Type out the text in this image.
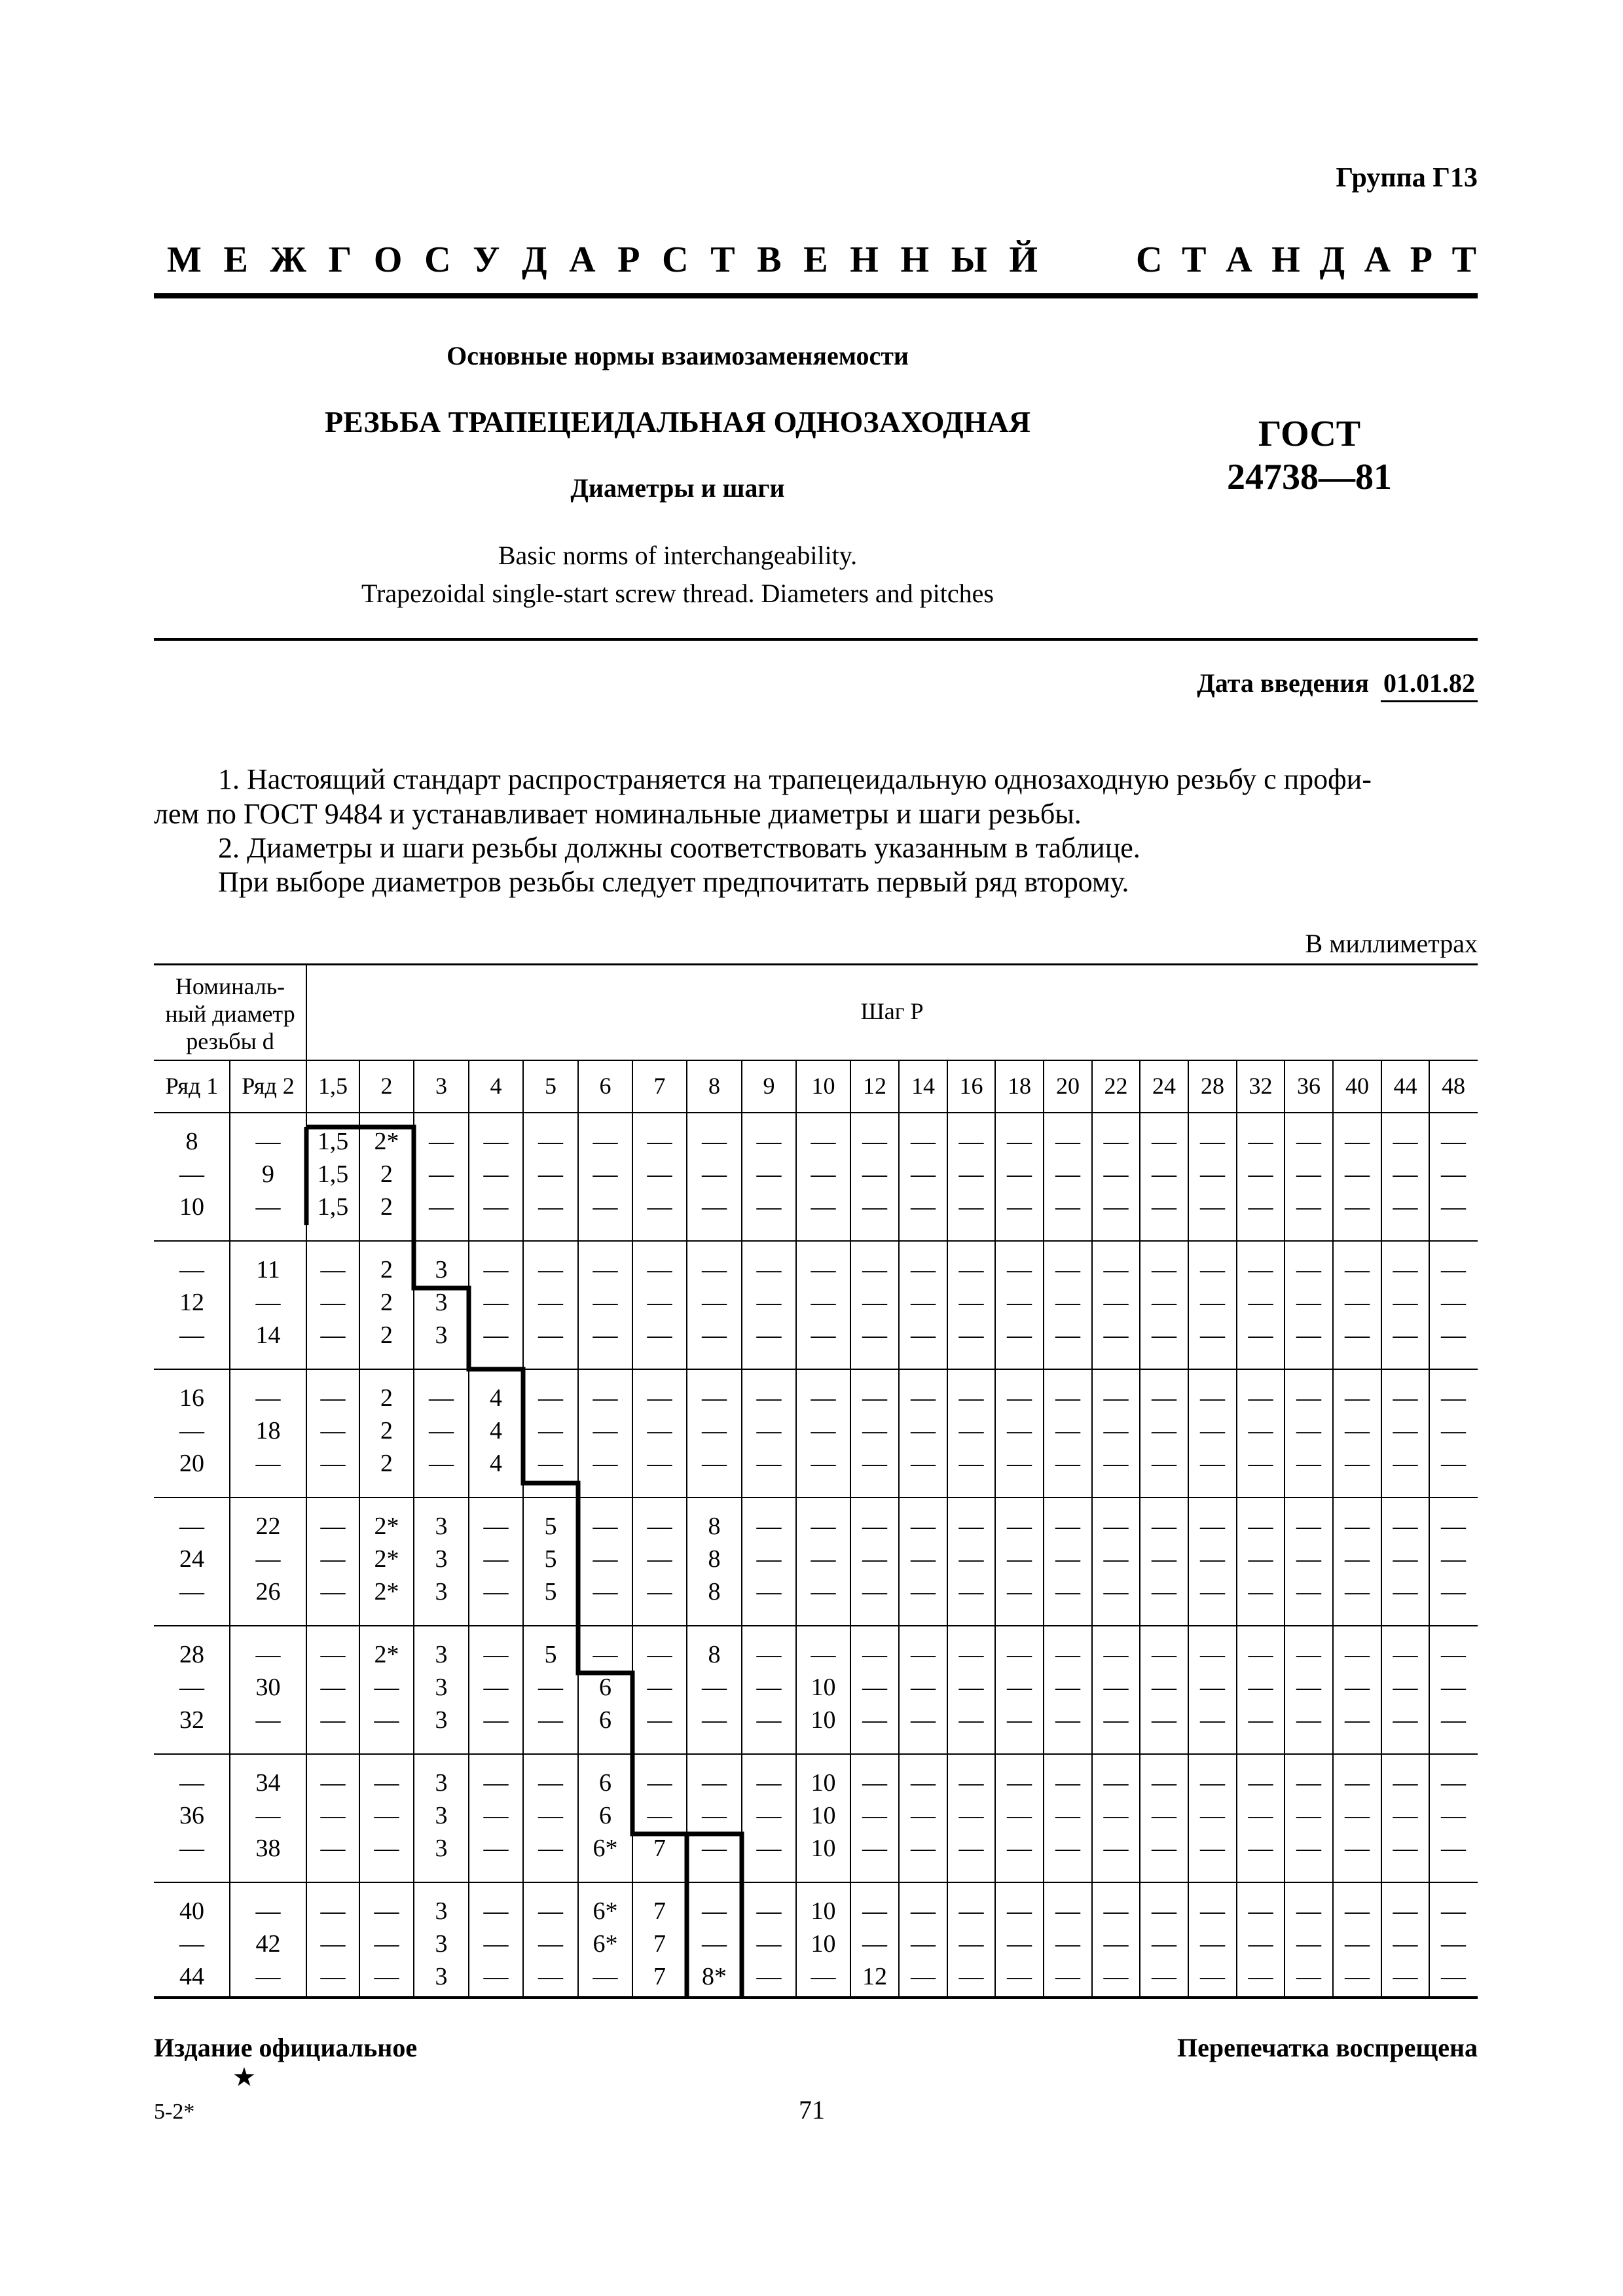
Группа Г13
М Е Ж Г О С У Д А Р С Т В Е Н Н Ы Й	С Т А Н Д А Р Т
Основные нормы взаимозаменяемости
РЕЗЬБА ТРАПЕЦЕИДАЛЬНАЯ ОДНОЗАХОДНАЯ
Диаметры и шаги
Basic norms of interchangeability.
Trapezoidal single-start screw thread. Diameters and pitches
ГОСТ
24738—81
Дата введения 01.01.82
1. Настоящий стандарт распространяется на трапецеидальную однозаходную резьбу с профи-
лем по ГОСТ 9484 и устанавливает номинальные диаметры и шаги резьбы.
2. Диаметры и шаги резьбы должны соответствовать указанным в таблице.
При выборе диаметров резьбы следует предпочитать первый ряд второму.
В миллиметрах
Номиналь-
ный диаметр
резьбы d
Шаг P
Ряд 1 Ряд 2	1,5	2	3	4	5	6	7	8	9	10	12	14	16	18	20	22	24	28	32	36	40	44	48
8	—	1,5	2*	—	—	—	—	—	—	—	—	— — — — — — — — — — — — —
—	9	1,5	2	—	—	—	—	—	—	—	—	— — — — — — — — — — — — —
10	—	1,5	2	—	—	—	—	—	—	—	—	— — — — — — — — — — — — —
—	11	—	2	3	—	—	—	—	—	—	—	— — — — — — — — — — — — —
12	—	—	2	3	—	—	—	—	—	—	—	— — — — — — — — — — — — —
—	14	—	2	3	—	—	—	—	—	—	—	— — — — — — — — — — — — —
16	—	—	2	—	4	—	—	—	—	—	—	— — — — — — — — — — — — —
—	18	—	2	—	4	—	—	—	—	—	—	— — — — — — — — — — — — —
20	—	—	2	—	4	—	—	—	—	—	—	— — — — — — — — — — — — —
—	22	—	2*	3	—	5	—	—	8	—	—	— — — — — — — — — — — — —
24	—	—	2*	3	—	5	—	—	8	—	—	— — — — — — — — — — — — —
—	26	—	2*	3	—	5	—	—	8	—	—	— — — — — — — — — — — — —
28	—	—	2*	3	—	5	—	—	8	—	—	— — — — — — — — — — — — —
—	30	—	—	3	—	—	6	—	—	—	10	— — — — — — — — — — — — —
32	—	—	—	3	—	—	6	—	—	—	10	— — — — — — — — — — — — —
—	34	—	—	3	—	—	6	—	—	—	10	— — — — — — — — — — — — —
36	—	—	—	3	—	—	6	—	—	—	10	— — — — — — — — — — — — —
—	38	—	—	3	—	—	6*	7	—	—	10	— — — — — — — — — — — — —
40	—	—	—	3	—	—	6*	7	—	—	10	— — — — — — — — — — — — —
—	42	—	—	3	—	—	6*	7	—	—	10	— — — — — — — — — — — — —
44	—	—	—	3	—	—	—	7	8*	—	—	12 — — — — — — — — — — — —
Издание официальное	Перепечатка воспрещена
★
5-2*	71
